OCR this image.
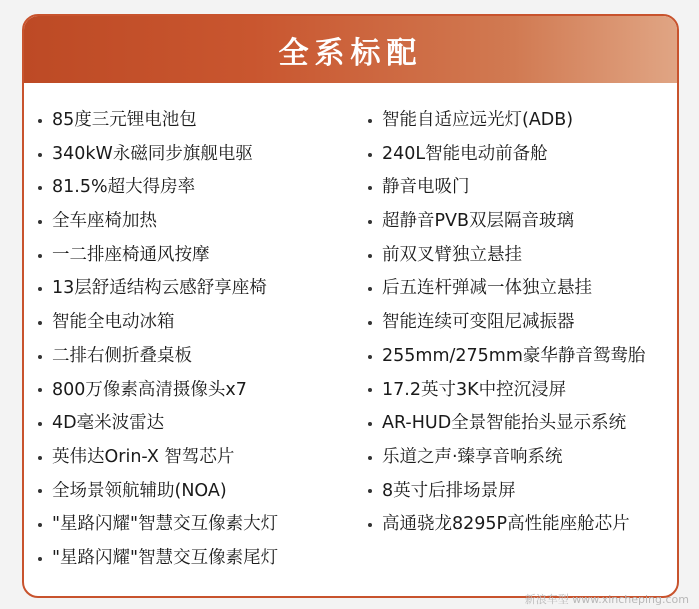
全系标配
85度三元锂电池包
340kW永磁同步旗舰电驱
81.5%超大得房率
全车座椅加热
一二排座椅通风按摩
13层舒适结构云感舒享座椅
智能全电动冰箱
二排右侧折叠桌板
800万像素高清摄像头x7
4D毫米波雷达
英伟达Orin-X 智驾芯片
全场景领航辅助(NOA)
"星路闪耀"智慧交互像素大灯
"星路闪耀"智慧交互像素尾灯
智能自适应远光灯(ADB)
240L智能电动前备舱
静音电吸门
超静音PVB双层隔音玻璃
前双叉臂独立悬挂
后五连杆弹减一体独立悬挂
智能连续可变阻尼减振器
255mm/275mm豪华静音鸳鸯胎
17.2英寸3K中控沉浸屏
AR-HUD全景智能抬头显示系统
乐道之声·臻享音响系统
8英寸后排场景屏
高通骁龙8295P高性能座舱芯片
新浪车型 www.xincheping.com
